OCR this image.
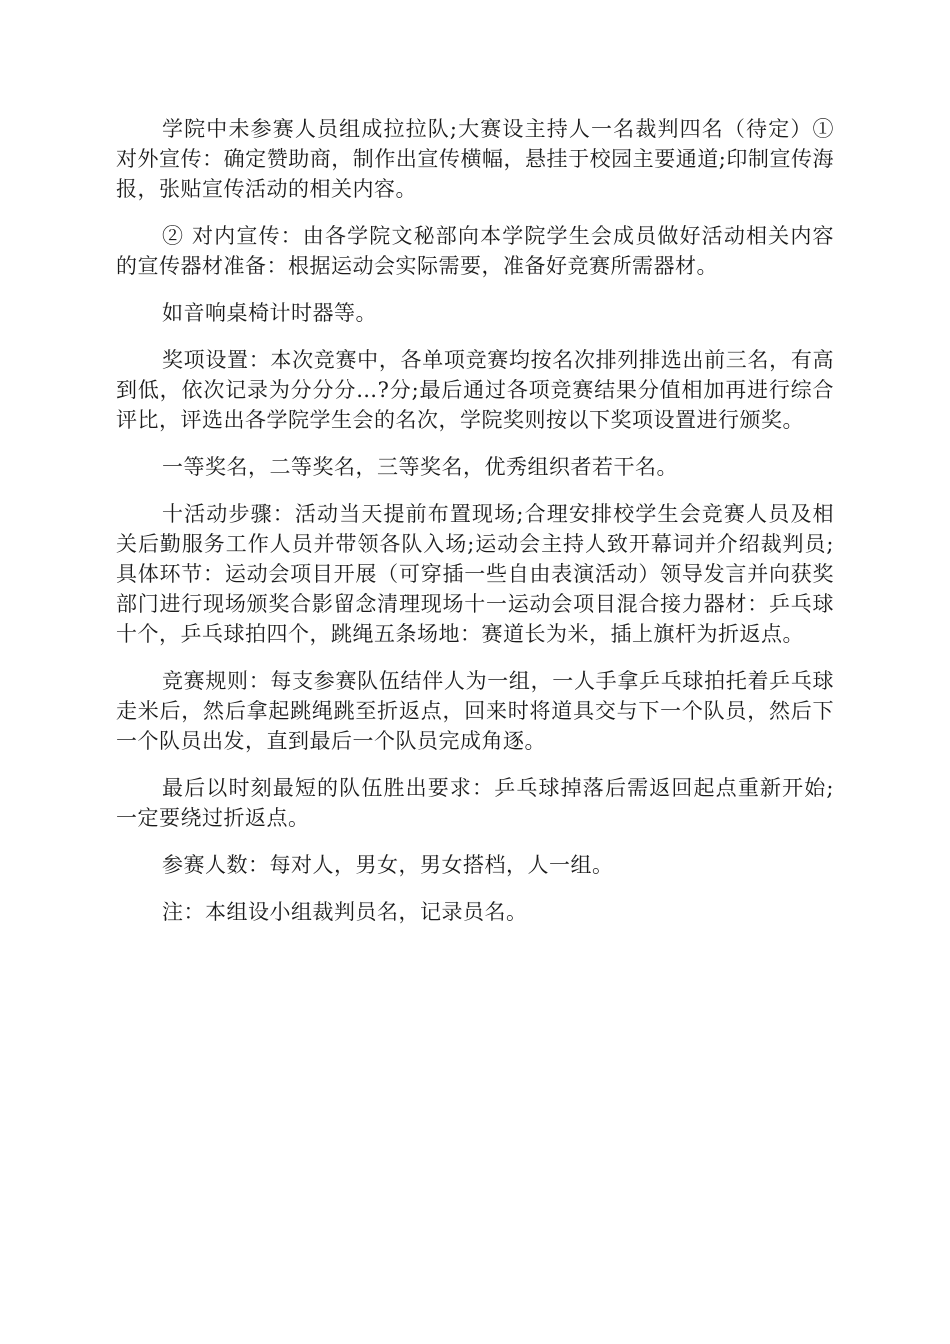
学院中未参赛人员组成拉拉队;大赛设主持人一名裁判四名（待定）①对外宣传：确定赞助商，制作出宣传横幅，悬挂于校园主要通道;印制宣传海报，张贴宣传活动的相关内容。

② 对内宣传：由各学院文秘部向本学院学生会成员做好活动相关内容的宣传器材准备：根据运动会实际需要，准备好竞赛所需器材。

如音响桌椅计时器等。

奖项设置：本次竞赛中，各单项竞赛均按名次排列排选出前三名，有高到低，依次记录为分分分…?分;最后通过各项竞赛结果分值相加再进行综合评比，评选出各学院学生会的名次，学院奖则按以下奖项设置进行颁奖。

一等奖名，二等奖名，三等奖名，优秀组织者若干名。

十活动步骤：活动当天提前布置现场;合理安排校学生会竞赛人员及相关后勤服务工作人员并带领各队入场;运动会主持人致开幕词并介绍裁判员;具体环节：运动会项目开展（可穿插一些自由表演活动）领导发言并向获奖部门进行现场颁奖合影留念清理现场十一运动会项目混合接力器材：乒乓球十个，乒乓球拍四个，跳绳五条场地：赛道长为米，插上旗杆为折返点。

竞赛规则：每支参赛队伍结伴人为一组，一人手拿乒乓球拍托着乒乓球走米后，然后拿起跳绳跳至折返点，回来时将道具交与下一个队员，然后下一个队员出发，直到最后一个队员完成角逐。

最后以时刻最短的队伍胜出要求：乒乓球掉落后需返回起点重新开始;一定要绕过折返点。

参赛人数：每对人，男女，男女搭档，人一组。

注：本组设小组裁判员名，记录员名。
